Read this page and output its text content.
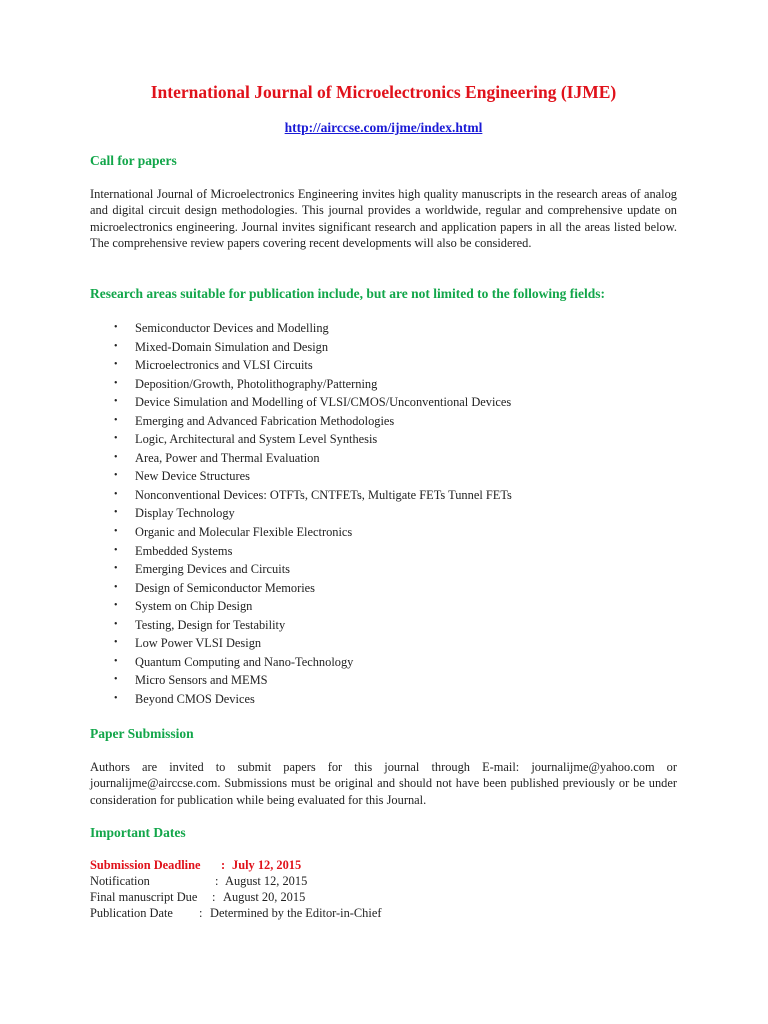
International Journal of Microelectronics Engineering (IJME)
http://airccse.com/ijme/index.html
Call for papers

International Journal of Microelectronics Engineering invites high quality manuscripts in the research areas of analog and digital circuit design methodologies. This journal provides a worldwide, regular and comprehensive update on microelectronics engineering. Journal invites significant research and application papers in all the areas listed below. The comprehensive review papers covering recent developments will also be considered.

Research areas suitable for publication include, but are not limited to the following fields:
• Semiconductor Devices and Modelling
• Mixed-Domain Simulation and Design
• Microelectronics and VLSI Circuits
• Deposition/Growth, Photolithography/Patterning
• Device Simulation and Modelling of VLSI/CMOS/Unconventional Devices
• Emerging and Advanced Fabrication Methodologies
• Logic, Architectural and System Level Synthesis
• Area, Power and Thermal Evaluation
• New Device Structures
• Nonconventional Devices: OTFTs, CNTFETs, Multigate FETs Tunnel FETs
• Display Technology
• Organic and Molecular Flexible Electronics
• Embedded Systems
• Emerging Devices and Circuits
• Design of Semiconductor Memories
• System on Chip Design
• Testing, Design for Testability
• Low Power VLSI Design
• Quantum Computing and Nano-Technology
• Micro Sensors and MEMS
• Beyond CMOS Devices
Paper Submission

Authors are invited to submit papers for this journal through E-mail: journalijme@yahoo.com or journalijme@airccse.com. Submissions must be original and should not have been published previously or be under consideration for publication while being evaluated for this Journal.

Important Dates
Submission Deadline : July 12, 2015
Notification	: August 12, 2015
Final manuscript Due : August 20, 2015
Publication Date : Determined by the Editor-in-Chief
